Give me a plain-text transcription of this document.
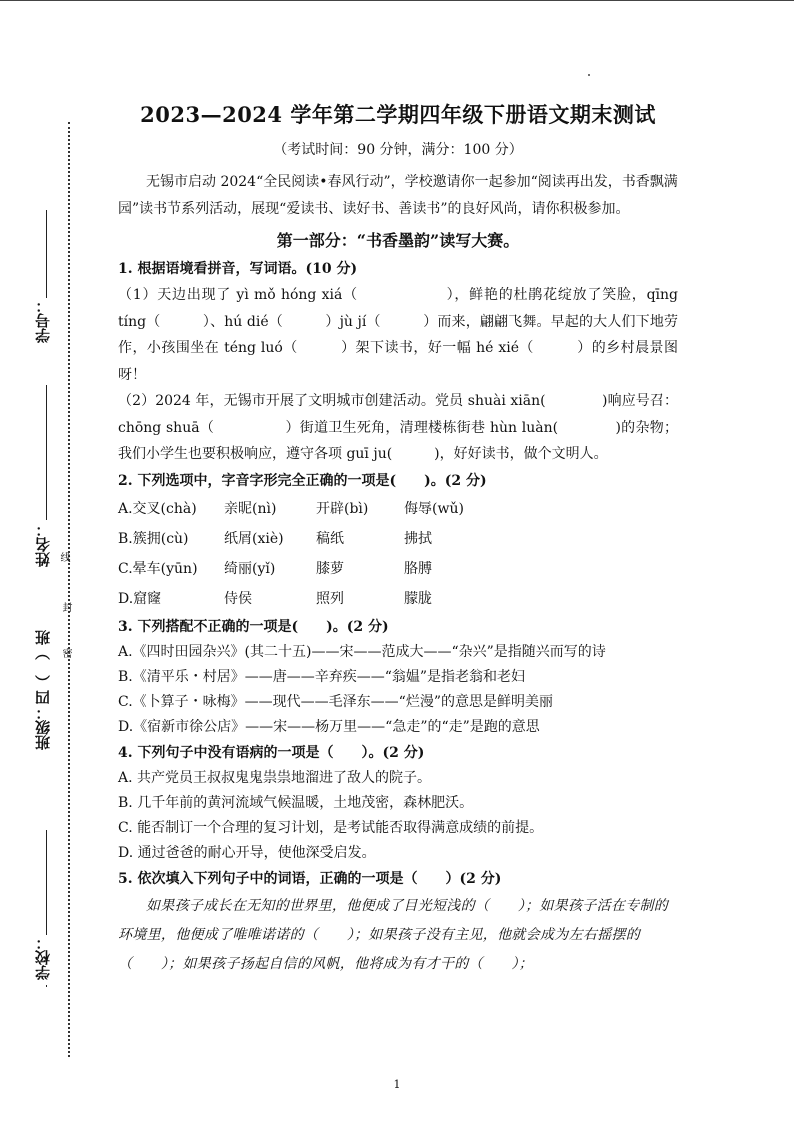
学号：
姓名： 线
封
密
班级：四（　）班
学校：
2023—2024 学年第二学期四年级下册语文期末测试
（考试时间：90 分钟，满分：100 分）

无锡市启动 2024“全民阅读•春风行动”，学校邀请你一起参加“阅读再出发，书香飘满园”读书节系列活动，展现“爱读书、读好书、善读书”的良好风尚，请你积极参加。

第一部分：“书香墨韵”读写大赛。
1. 根据语境看拼音，写词语。(10 分)

（1）天边出现了 yì mǒ hóng xiá（　　　　　　），鲜艳的杜鹃花绽放了笑脸，qīng tíng（　　　）、hú dié（　　　）jù jí（　　　）而来，翩翩飞舞。早起的大人们下地劳作，小孩围坐在 téng luó（　　　）架下读书，好一幅 hé xié（　　　）的乡村晨景图呀！

（2）2024 年，无锡市开展了文明城市创建活动。党员 shuài xiān(　　　　)响应号召：chōng shuā（　　　　　）街道卫生死角，清理楼栋街巷 hùn luàn(　　　　)的杂物；我们小学生也要积极响应，遵守各项 guī ju(　　　)，好好读书，做个文明人。

2. 下列选项中，字音字形完全正确的一项是(　　)。(2 分)
A.交叉(chà)	亲昵(nì)	开辟(bì)	侮辱(wǔ)
B.簇拥(cù)	纸屑(xiè)	稿纸	拂拭
C.晕车(yūn)	绮丽(yǐ)	膝萝	胳膊
D.窟窿	侍侯	照列	朦胧
3. 下列搭配不正确的一项是(　　)。(2 分)

A.《四时田园杂兴》(其二十五)——宋——范成大——“杂兴”是指随兴而写的诗

B.《清平乐・村居》——唐——辛弃疾——“翁媪”是指老翁和老妇

C.《卜算子・咏梅》——现代——毛泽东——“烂漫”的意思是鲜明美丽

D.《宿新市徐公店》——宋——杨万里——“急走”的“走”是跑的意思

4. 下列句子中没有语病的一项是（　　）。(2 分)

A. 共产党员王叔叔鬼鬼祟祟地溜进了敌人的院子。

B. 几千年前的黄河流域气候温暖，土地茂密，森林肥沃。

C. 能否制订一个合理的复习计划，是考试能否取得满意成绩的前提。

D. 通过爸爸的耐心开导，使他深受启发。

5. 依次填入下列句子中的词语，正确的一项是（　　）(2 分)

如果孩子成长在无知的世界里，他便成了目光短浅的（　　）；如果孩子活在专制的环境里，他便成了唯唯诺诺的（　　）；如果孩子没有主见，他就会成为左右摇摆的（　　）；如果孩子扬起自信的风帆，他将成为有才干的（　　）；

1
